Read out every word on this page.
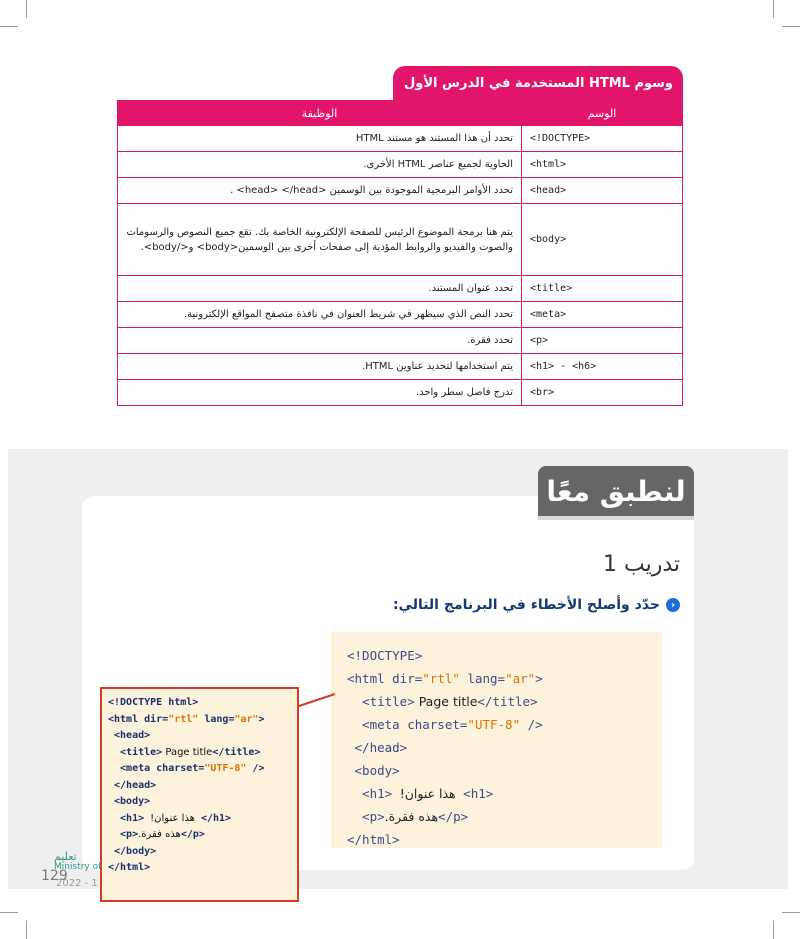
وسوم HTML المستخدمة في الدرس الأول
الوسم	الوظيفة
<!DOCTYPE>	تحدد أن هذا المستند هو مستند HTML
<html>	الحاوية لجميع عناصر HTML الأخرى.
<head>	تحدد الأوامر البرمجية الموجودة بين الوسمين <head> </head> .
<body>	يتم هنا برمجة الموضوع الرئيس للصفحة الإلكترونية الخاصة بك. تقع جميع النصوص والرسومات والصوت والفيديو والروابط المؤدية إلى صفحات أخرى بين الوسمين<body> و</body>.
<title>	تحدد عنوان المستند.
<meta>	تحدد النص الذي سيظهر في شريط العنوان في نافذة متصفح المواقع الإلكترونية.
<p>	تحدد فقرة.
<h1> - <h6>	يتم استخدامها لتحديد عناوين HTML.
<br>	تدرج فاصل سطر واحد.
لنطبق معًا
تدريب 1
‹
حدّد وأصلح الأخطاء في البرنامج التالي:
<!DOCTYPE>
<html dir="rtl" lang="ar">
<title> Page title</title>
<meta charset="UTF-8" />
</head>
<body>
<h1> !هذا عنوان <h1>
<p>.هذه فقرة</p>
</html>
<!DOCTYPE html>
<html dir="rtl" lang="ar">
<head>
<title> Page title</title>
<meta charset="UTF-8" />
</head>
<body>
<h1> !هذا عنوان </h1>
<p>.هذه فقرة</p>
</body>
</html>
تعليم
Ministry of
129
2022 - 1
